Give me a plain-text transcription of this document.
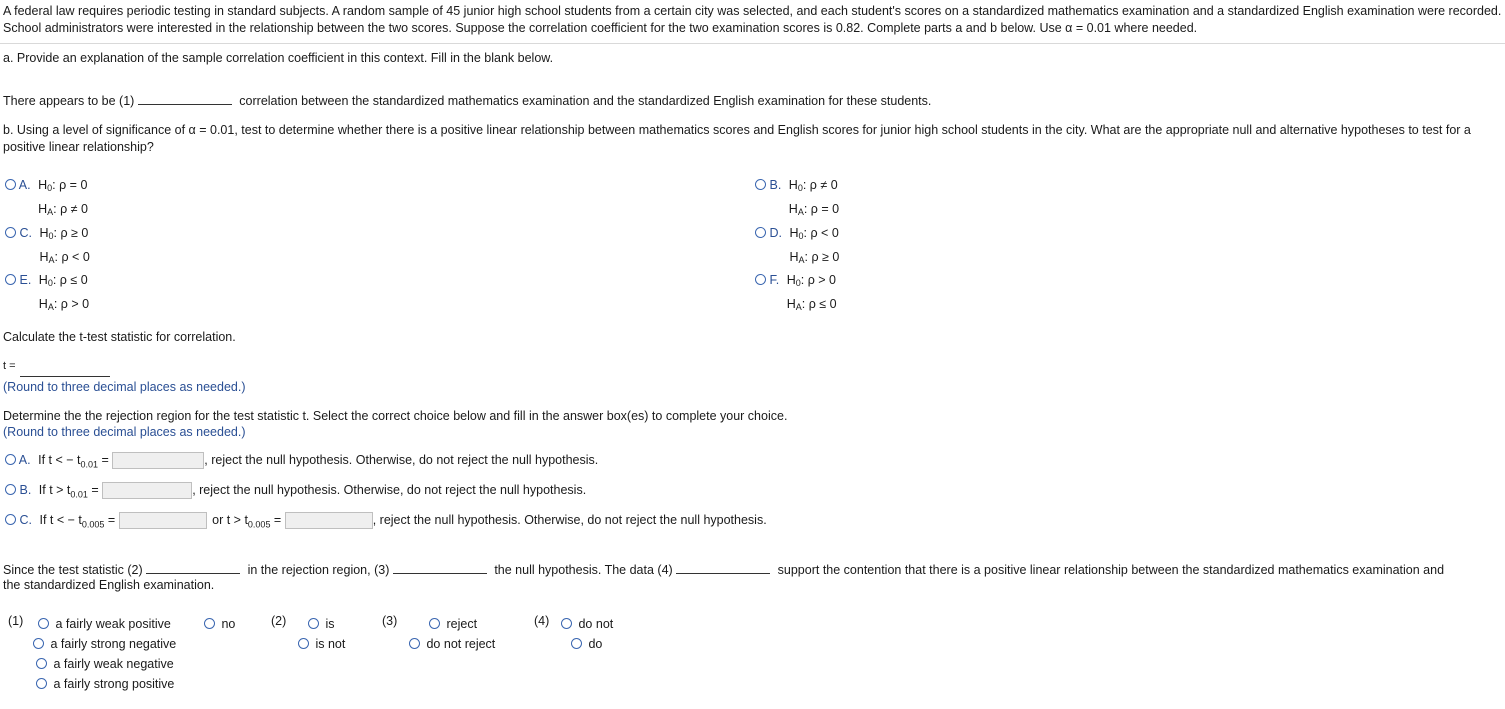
A federal law requires periodic testing in standard subjects. A random sample of 45 junior high school students from a certain city was selected, and each student's scores on a standardized mathematics examination and a standardized English examination were recorded. School administrators were interested in the relationship between the two scores. Suppose the correlation coefficient for the two examination scores is 0.82. Complete parts a and b below. Use α = 0.01 where needed.
a. Provide an explanation of the sample correlation coefficient in this context. Fill in the blank below.
There appears to be (1)	correlation between the standardized mathematics examination and the standardized English examination for these students.
b. Using a level of significance of α = 0.01, test to determine whether there is a positive linear relationship between mathematics scores and English scores for junior high school students in the city. What are the appropriate null and alternative hypotheses to test for a positive linear relationship?
A. $H_0$: ρ = 0
$H_A$: ρ ≠ 0
B. $H_0$: ρ ≠ 0
$H_A$: ρ = 0
C. $H_0$: ρ ≥ 0
$H_A$: ρ < 0
D. $H_0$: ρ < 0
$H_A$: ρ ≥ 0
E. $H_0$: ρ ≤ 0
$H_A$: ρ > 0
F. $H_0$: ρ > 0
$H_A$: ρ ≤ 0
Calculate the t-test statistic for correlation.
t =
(Round to three decimal places as needed.)
Determine the the rejection region for the test statistic t. Select the correct choice below and fill in the answer box(es) to complete your choice.
(Round to three decimal places as needed.)
A. If t < − $t_{0.01}$ =	, reject the null hypothesis. Otherwise, do not reject the null hypothesis.
B. If $t > t_{0.01}$ =	, reject the null hypothesis. Otherwise, do not reject the null hypothesis.
C. If t < − $t_{0.005}$ =	or $t > t_{0.005}$ =	, reject the null hypothesis. Otherwise, do not reject the null hypothesis.
Since the test statistic (2)	in the rejection region, (3)	the null hypothesis. The data (4)	support the contention that there is a positive linear relationship between the standardized mathematics examination and
the standardized English examination.
(1)	a fairly weak positive
a fairly strong negative
a fairly weak negative
a fairly strong positive
no	(2)	is
is not
(3)	reject
do not reject
(4)	do not
do
